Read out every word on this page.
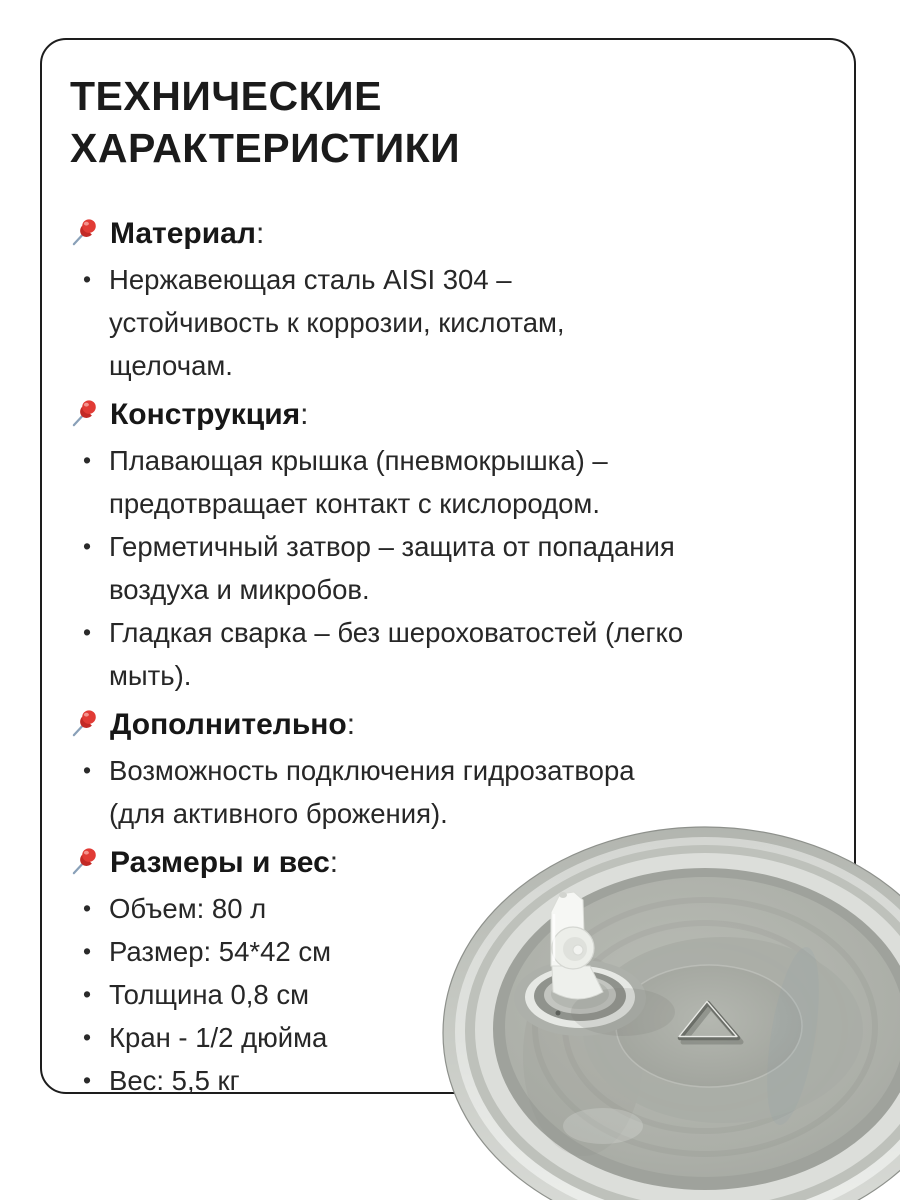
ТЕХНИЧЕСКИЕ
ХАРАКТЕРИСТИКИ
Материал:
• Нержавеющая сталь AISI 304 – устойчивость к коррозии, кислотам, щелочам.
Конструкция:
• Плавающая крышка (пневмокрышка) – предотвращает контакт с кислородом.
• Герметичный затвор – защита от попадания воздуха и микробов.
• Гладкая сварка – без шероховатостей (легко мыть).
Дополнительно:
• Возможность подключения гидрозатвора (для активного брожения).
Размеры и вес:
• Объем: 80 л
• Размер: 54*42 см
• Толщина 0,8 см
• Кран - 1/2 дюйма
• Вес: 5,5 кг
